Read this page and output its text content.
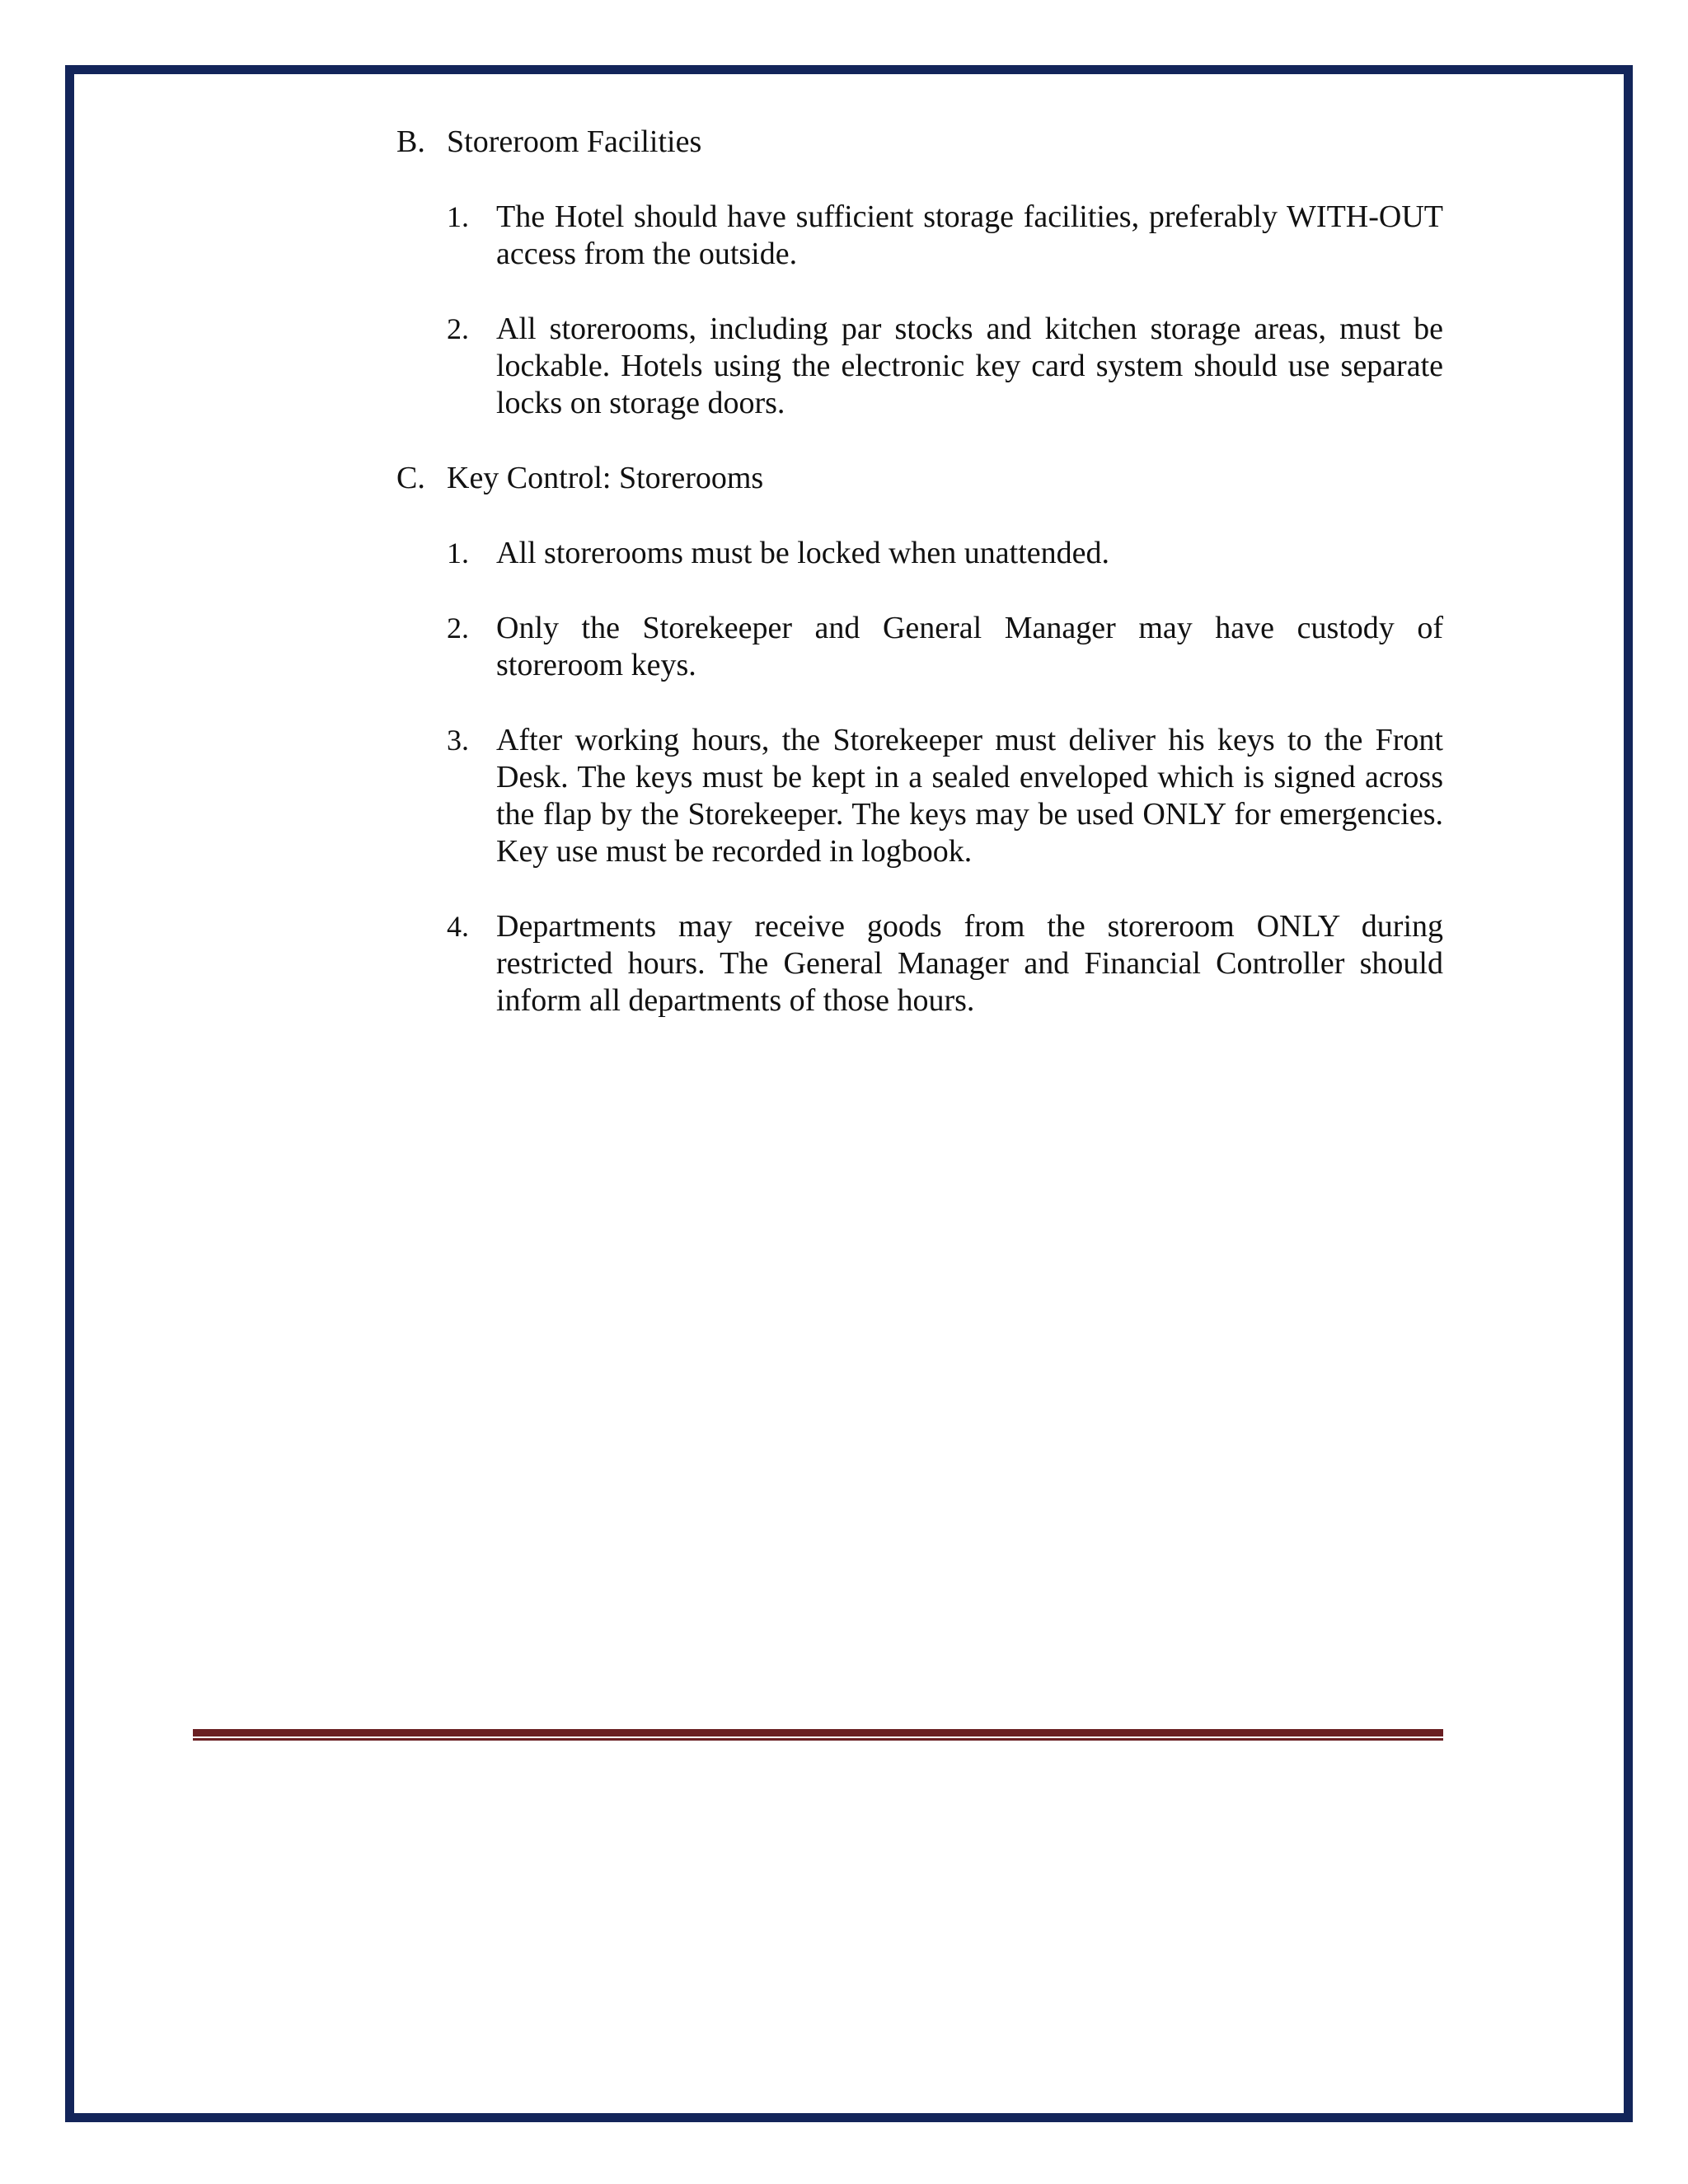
B. Storeroom Facilities
1. The Hotel should have sufficient storage facilities, preferably WITH-OUT access from the outside.
2. All storerooms, including par stocks and kitchen storage areas, must be lockable. Hotels using the electronic key card system should use separate locks on storage doors.
C. Key Control: Storerooms
1. All storerooms must be locked when unattended.
2. Only the Storekeeper and General Manager may have custody of storeroom keys.
3. After working hours, the Storekeeper must deliver his keys to the Front Desk. The keys must be kept in a sealed enveloped which is signed across the flap by the Storekeeper. The keys may be used ONLY for emergencies. Key use must be recorded in logbook.
4. Departments may receive goods from the storeroom ONLY during restricted hours. The General Manager and Financial Controller should inform all departments of those hours.
